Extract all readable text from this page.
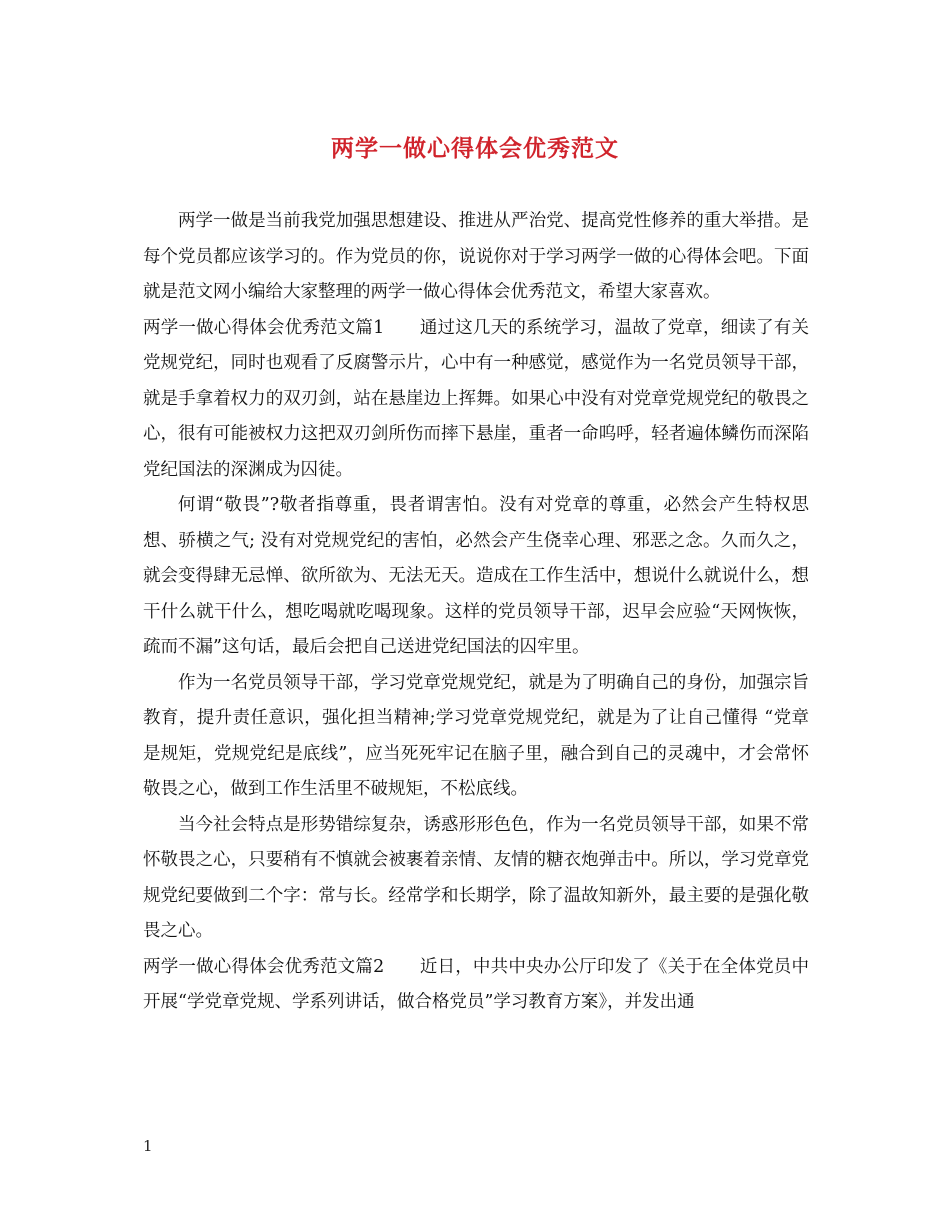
两学一做心得体会优秀范文

两学一做是当前我党加强思想建设、推进从严治党、提高党性修养的重大举措。是每个党员都应该学习的。作为党员的你，说说你对于学习两学一做的心得体会吧。下面就是范文网小编给大家整理的两学一做心得体会优秀范文，希望大家喜欢。

两学一做心得体会优秀范文篇1　　通过这几天的系统学习，温故了党章，细读了有关党规党纪，同时也观看了反腐警示片，心中有一种感觉，感觉作为一名党员领导干部，就是手拿着权力的双刃剑，站在悬崖边上挥舞。如果心中没有对党章党规党纪的敬畏之心，很有可能被权力这把双刃剑所伤而摔下悬崖，重者一命呜呼，轻者遍体鳞伤而深陷党纪国法的深渊成为囚徒。

何谓“敬畏”?敬者指尊重，畏者谓害怕。没有对党章的尊重，必然会产生特权思想、骄横之气; 没有对党规党纪的害怕，必然会产生侥幸心理、邪恶之念。久而久之，就会变得肆无忌惮、欲所欲为、无法无天。造成在工作生活中，想说什么就说什么，想干什么就干什么，想吃喝就吃喝现象。这样的党员领导干部，迟早会应验“天网恢恢，疏而不漏”这句话，最后会把自己送进党纪国法的囚牢里。

作为一名党员领导干部，学习党章党规党纪，就是为了明确自己的身份，加强宗旨教育，提升责任意识，强化担当精神;学习党章党规党纪，就是为了让自己懂得 “党章是规矩，党规党纪是底线”，应当死死牢记在脑子里，融合到自己的灵魂中，才会常怀敬畏之心，做到工作生活里不破规矩，不松底线。

当今社会特点是形势错综复杂，诱惑形形色色，作为一名党员领导干部，如果不常怀敬畏之心，只要稍有不慎就会被裹着亲情、友情的糖衣炮弹击中。所以，学习党章党规党纪要做到二个字：常与长。经常学和长期学，除了温故知新外，最主要的是强化敬畏之心。

两学一做心得体会优秀范文篇2　　近日，中共中央办公厅印发了《关于在全体党员中开展“学党章党规、学系列讲话，做合格党员”学习教育方案》，并发出通

1
